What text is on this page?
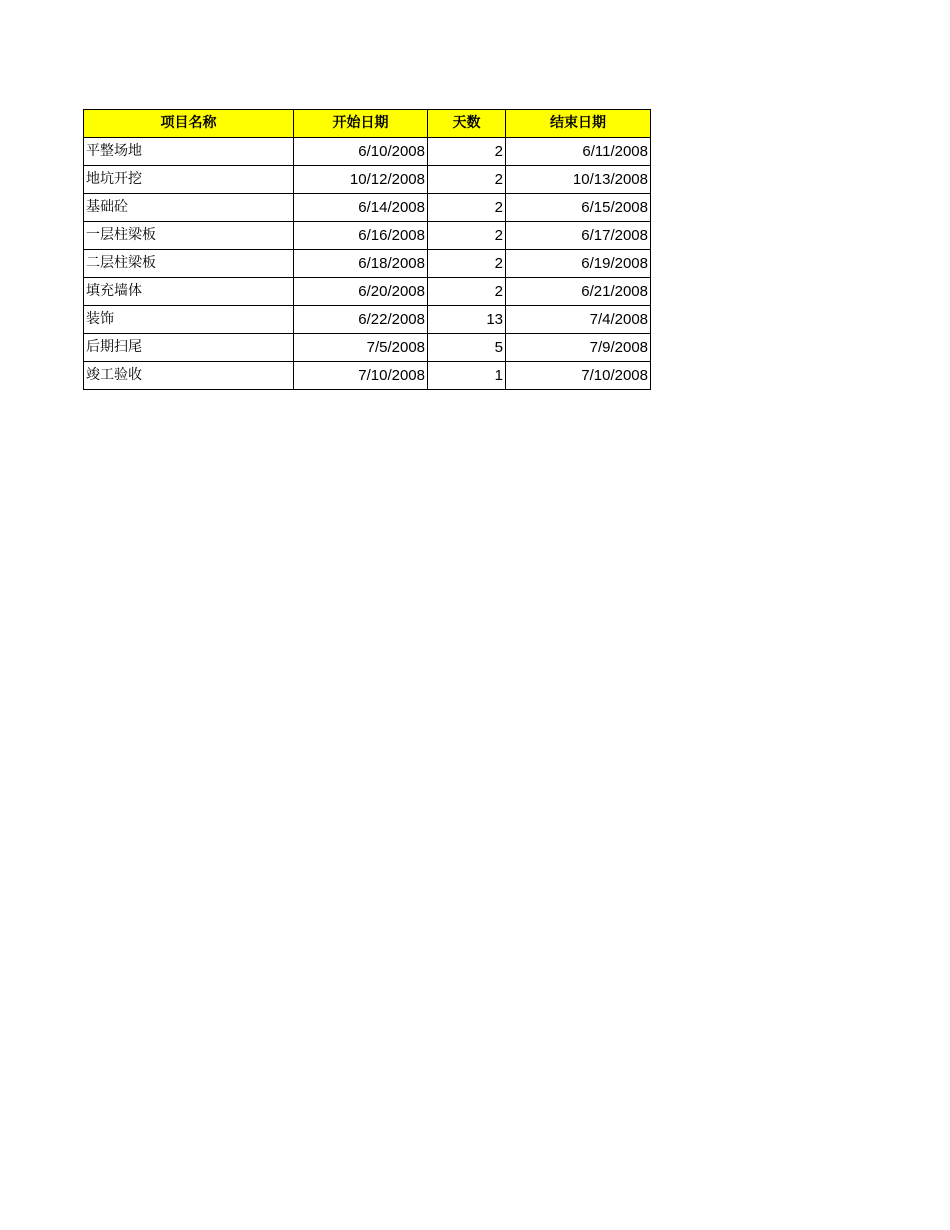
项目名称	开始日期	天数	结束日期
平整场地	6/10/2008	2	6/11/2008
地坑开挖	10/12/2008	2	10/13/2008
基础砼	6/14/2008	2	6/15/2008
一层柱梁板	6/16/2008	2	6/17/2008
二层柱梁板	6/18/2008	2	6/19/2008
填充墙体	6/20/2008	2	6/21/2008
装饰	6/22/2008	13	7/4/2008
后期扫尾	7/5/2008	5	7/9/2008
竣工验收	7/10/2008	1	7/10/2008
